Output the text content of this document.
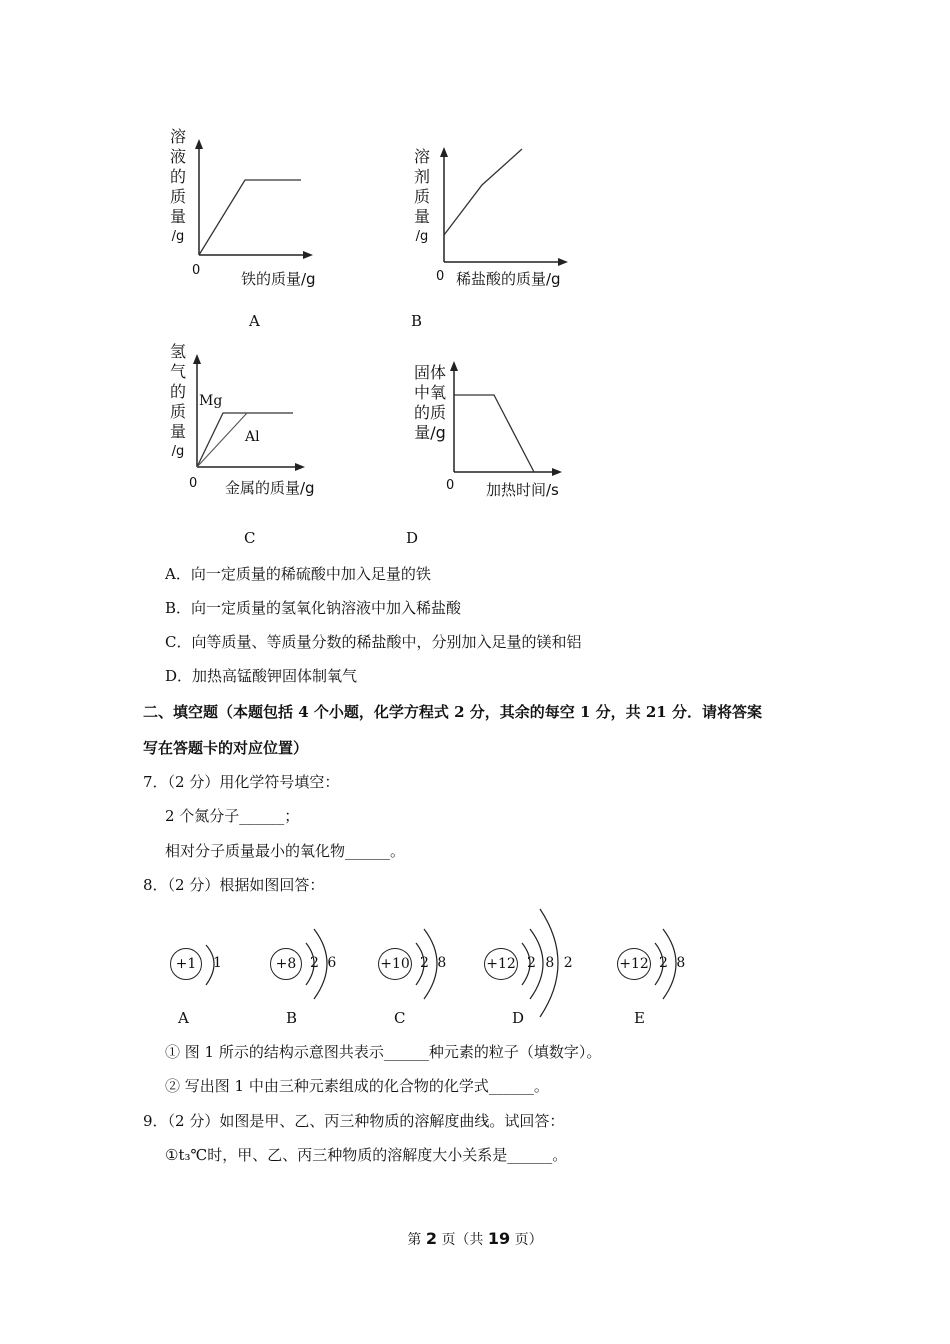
溶
液
的
质
量
/g
0	铁的质量/g
A
溶
剂
质
量
/g
0 稀盐酸的质量/g
B
氢
气
的
质
量
/g
Mg
Al
0 金属的质量/g
C
固体
中氧
的质
量/g
0 加热时间/s
D
A．向一定质量的稀硫酸中加入足量的铁
B．向一定质量的氢氧化钠溶液中加入稀盐酸
C．向等质量、等质量分数的稀盐酸中，分别加入足量的镁和铝
D．加热高锰酸钾固体制氧气
二、填空题（本题包括 4 个小题，化学方程式 2 分，其余的每空 1 分，共 21 分．请将答案
写在答题卡的对应位置）
7．（2 分）用化学符号填空：
2 个氮分子______；
相对分子质量最小的氧化物______。
8．（2 分）根据如图回答：
+1	1
A
+8 2 6
B
+10 2 8
C
+12 2 8 2
D
+12 2 8
E
① 图 1 所示的结构示意图共表示______种元素的粒子（填数字）。
② 写出图 1 中由三种元素组成的化合物的化学式______。
9．（2 分）如图是甲、乙、丙三种物质的溶解度曲线。试回答：
①t₃℃时，甲、乙、丙三种物质的溶解度大小关系是______。
第 2 页（共 19 页）
